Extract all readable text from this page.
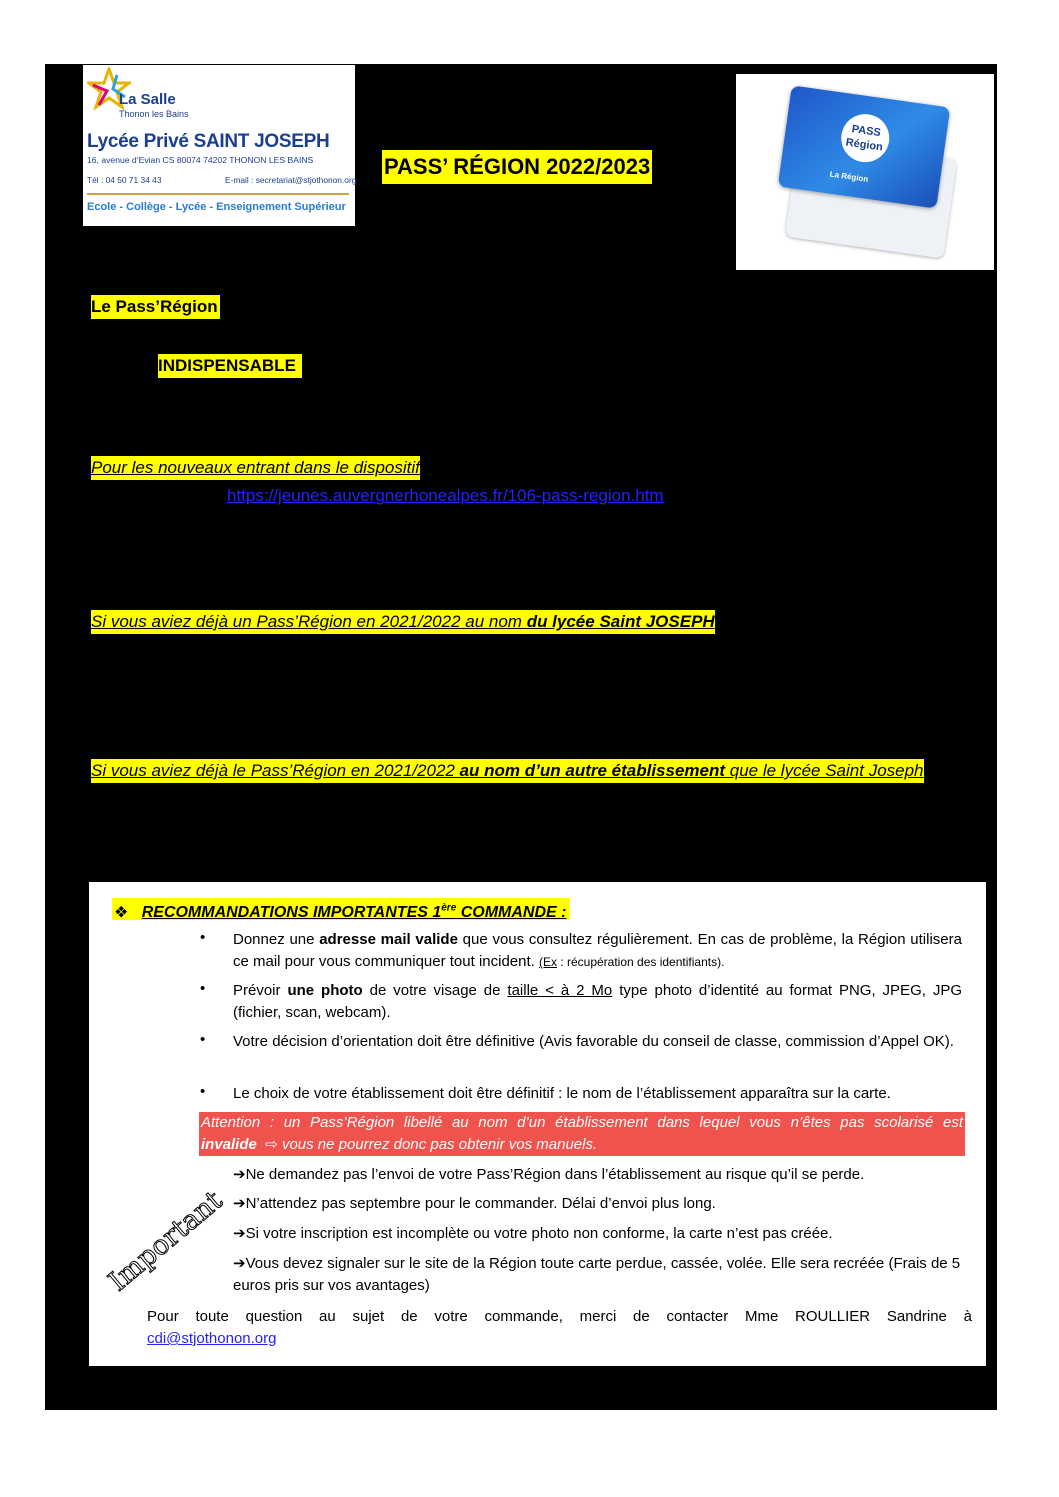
La Salle
Thonon les Bains
Lycée Privé SAINT JOSEPH
16, avenue d’Evian CS 80074 74202 THONON LES BAINS
Tél : 04 50 71 34 43	E-mail : secretariat@stjothonon.org
Ecole - Collège - Lycée - Enseignement Supérieur
PASS’ RÉGION 2022/2023
PASS
Région
La Région
Le Pass’Région
INDISPENSABLE
Pour les nouveaux entrant dans le dispositif
https://jeunes.auvergnerhonealpes.fr/106-pass-region.htm
Si vous aviez déjà un Pass’Région en 2021/2022 au nom du lycée Saint JOSEPH
Si vous aviez déjà le Pass’Région en 2021/2022 au nom d’un autre établissement que le lycée Saint Joseph
❖ RECOMMANDATIONS IMPORTANTES 1ère COMMANDE :
• Donnez une adresse mail valide que vous consultez régulièrement. En cas de problème, la Région utilisera ce mail pour vous communiquer tout incident. (Ex : récupération des identifiants).
• Prévoir une photo de votre visage de taille < à 2 Mo type photo d’identité au format PNG, JPEG, JPG (fichier, scan, webcam).
• Votre décision d’orientation doit être définitive (Avis favorable du conseil de classe, commission d’Appel OK).
• Le choix de votre établissement doit être définitif : le nom de l’établissement apparaîtra sur la carte.
Attention : un Pass’Région libellé au nom d’un établissement dans lequel vous n’êtes pas scolarisé est
invalide ⇨ vous ne pourrez donc pas obtenir vos manuels.
Important
➔Ne demandez pas l’envoi de votre Pass’Région dans l’établissement au risque qu’il se perde.
➔N’attendez pas septembre pour le commander. Délai d’envoi plus long.
➔Si votre inscription est incomplète ou votre photo non conforme, la carte n’est pas créée.
➔Vous devez signaler sur le site de la Région toute carte perdue, cassée, volée. Elle sera recréée (Frais de 5 euros pris sur vos avantages)
Pour toute question au sujet de votre commande, merci de contacter Mme ROULLIER Sandrine à
cdi@stjothonon.org
